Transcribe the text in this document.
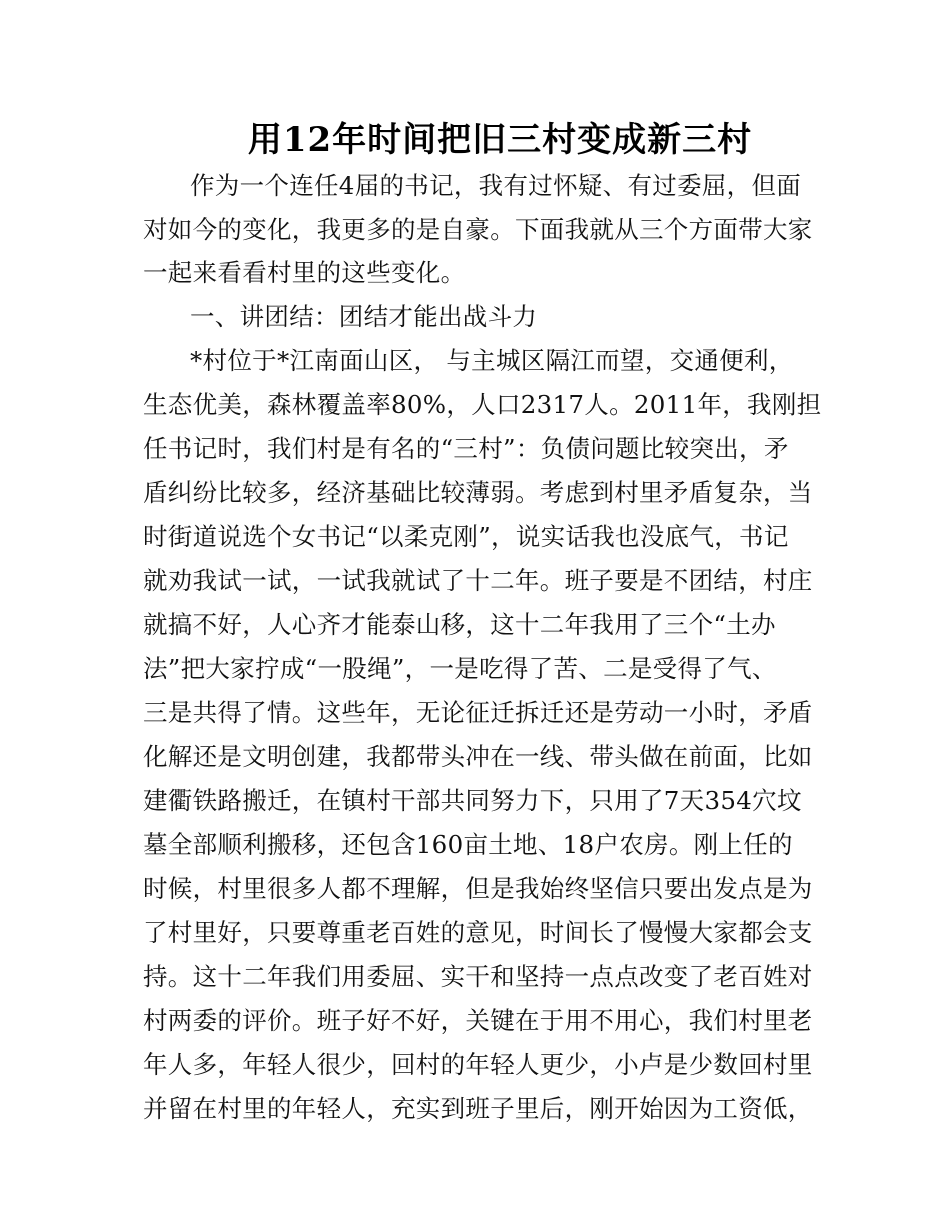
用12年时间把旧三村变成新三村
作为一个连任4届的书记，我有过怀疑、有过委屈，但面
对如今的变化，我更多的是自豪。下面我就从三个方面带大家
一起来看看村里的这些变化。
一、讲团结：团结才能出战斗力
*村位于*江南面山区， 与主城区隔江而望，交通便利，
生态优美，森林覆盖率80%，人口2317人。2011年，我刚担
任书记时，我们村是有名的“三村”：负债问题比较突出，矛
盾纠纷比较多，经济基础比较薄弱。考虑到村里矛盾复杂，当
时街道说选个女书记“以柔克刚”，说实话我也没底气，书记
就劝我试一试，一试我就试了十二年。班子要是不团结，村庄
就搞不好，人心齐才能泰山移，这十二年我用了三个“土办
法”把大家拧成“一股绳”，一是吃得了苦、二是受得了气、
三是共得了情。这些年，无论征迁拆迁还是劳动一小时，矛盾
化解还是文明创建，我都带头冲在一线、带头做在前面，比如
建衢铁路搬迁，在镇村干部共同努力下，只用了7天354穴坟
墓全部顺利搬移，还包含160亩土地、18户农房。刚上任的
时候，村里很多人都不理解，但是我始终坚信只要出发点是为
了村里好，只要尊重老百姓的意见，时间长了慢慢大家都会支
持。这十二年我们用委屈、实干和坚持一点点改变了老百姓对
村两委的评价。班子好不好，关键在于用不用心，我们村里老
年人多，年轻人很少，回村的年轻人更少，小卢是少数回村里
并留在村里的年轻人，充实到班子里后，刚开始因为工资低，
